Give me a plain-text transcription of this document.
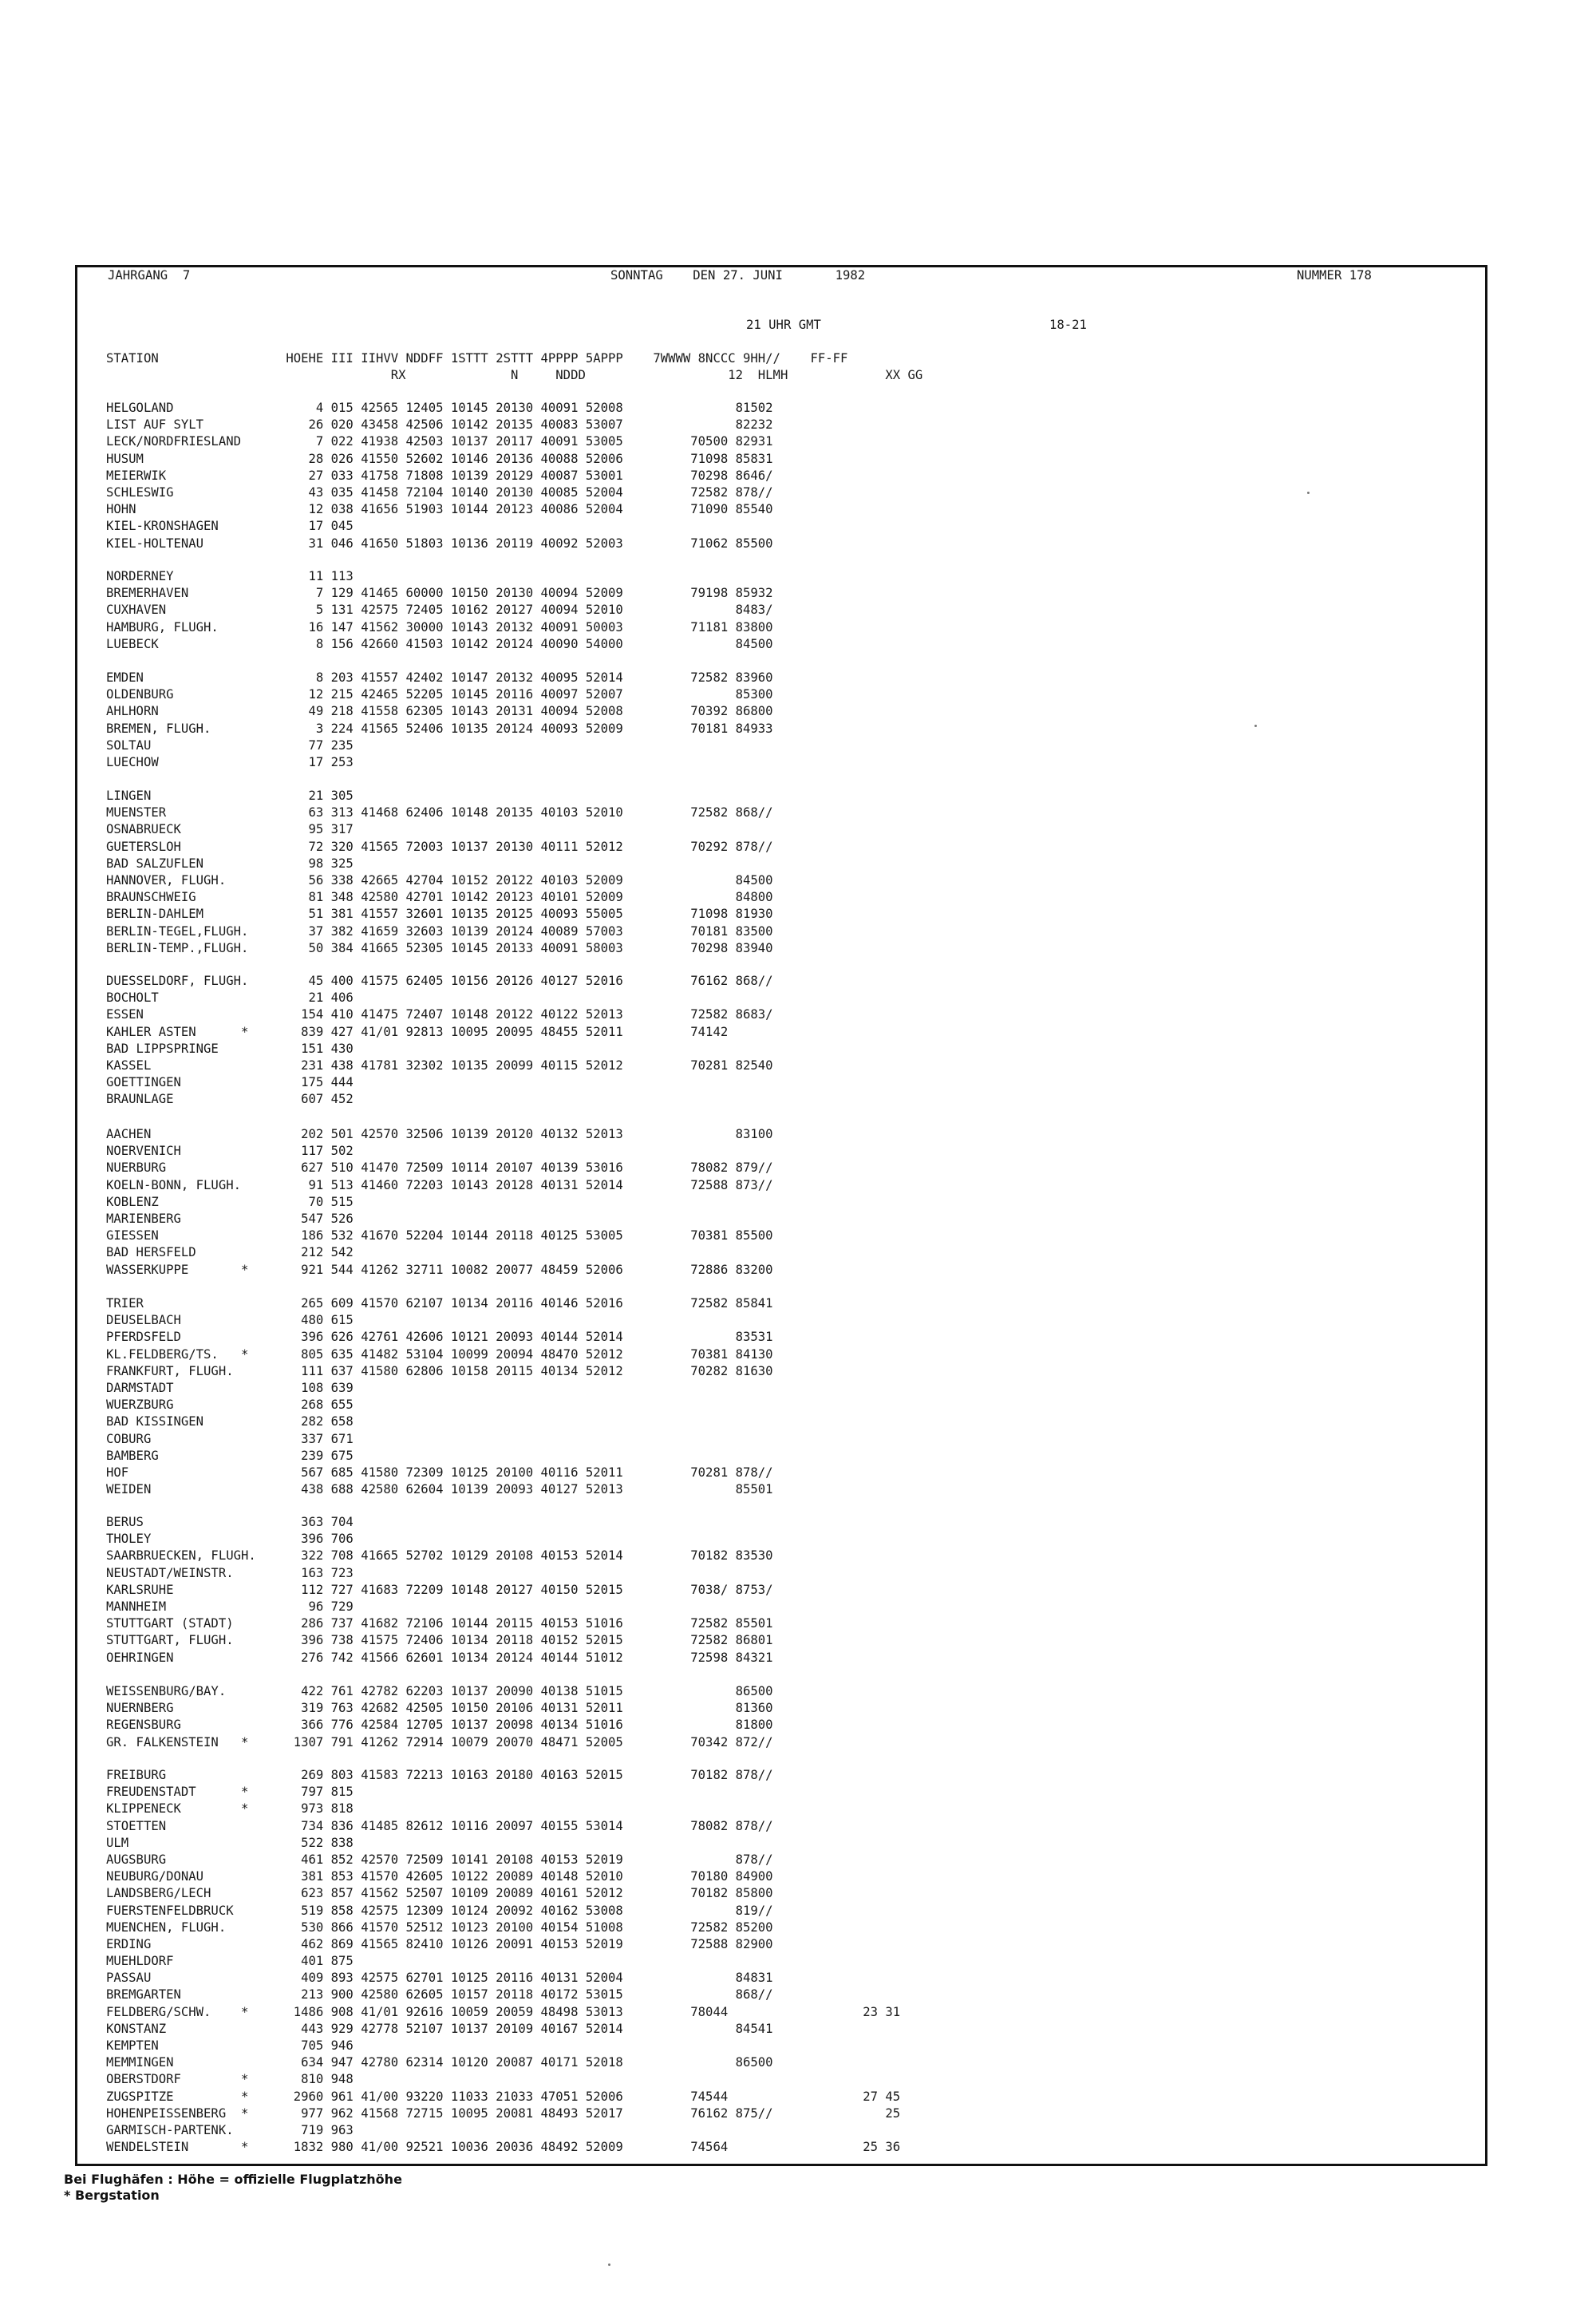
JAHRGANG  7	SONNTAG    DEN 27. JUNI       1982	NUMMER 178
21 UHR GMT	18-21
STATION                 HOEHE III IIHVV NDDFF 1STTT 2STTT 4PPPP 5APPP    7WWWW 8NCCC 9HH//    FF-FF
RX              N     NDDD                   12  HLMH             XX GG
HELGOLAND                   4 015 42565 12405 10145 20130 40091 52008               81502
LIST AUF SYLT              26 020 43458 42506 10142 20135 40083 53007               82232
LECK/NORDFRIESLAND          7 022 41938 42503 10137 20117 40091 53005         70500 82931
HUSUM                      28 026 41550 52602 10146 20136 40088 52006         71098 85831
MEIERWIK                   27 033 41758 71808 10139 20129 40087 53001         70298 8646/
SCHLESWIG                  43 035 41458 72104 10140 20130 40085 52004         72582 878//
HOHN                       12 038 41656 51903 10144 20123 40086 52004         71090 85540
KIEL-KRONSHAGEN            17 045
KIEL-HOLTENAU              31 046 41650 51803 10136 20119 40092 52003         71062 85500
NORDERNEY                  11 113
BREMERHAVEN                 7 129 41465 60000 10150 20130 40094 52009         79198 85932
CUXHAVEN                    5 131 42575 72405 10162 20127 40094 52010               8483/
HAMBURG, FLUGH.            16 147 41562 30000 10143 20132 40091 50003         71181 83800
LUEBECK                     8 156 42660 41503 10142 20124 40090 54000               84500
EMDEN                       8 203 41557 42402 10147 20132 40095 52014         72582 83960
OLDENBURG                  12 215 42465 52205 10145 20116 40097 52007               85300
AHLHORN                    49 218 41558 62305 10143 20131 40094 52008         70392 86800
BREMEN, FLUGH.              3 224 41565 52406 10135 20124 40093 52009         70181 84933
SOLTAU                     77 235
LUECHOW                    17 253
LINGEN                     21 305
MUENSTER                   63 313 41468 62406 10148 20135 40103 52010         72582 868//
OSNABRUECK                 95 317
GUETERSLOH                 72 320 41565 72003 10137 20130 40111 52012         70292 878//
BAD SALZUFLEN              98 325
HANNOVER, FLUGH.           56 338 42665 42704 10152 20122 40103 52009               84500
BRAUNSCHWEIG               81 348 42580 42701 10142 20123 40101 52009               84800
BERLIN-DAHLEM              51 381 41557 32601 10135 20125 40093 55005         71098 81930
BERLIN-TEGEL,FLUGH.        37 382 41659 32603 10139 20124 40089 57003         70181 83500
BERLIN-TEMP.,FLUGH.        50 384 41665 52305 10145 20133 40091 58003         70298 83940
DUESSELDORF, FLUGH.        45 400 41575 62405 10156 20126 40127 52016         76162 868//
BOCHOLT                    21 406
ESSEN                     154 410 41475 72407 10148 20122 40122 52013         72582 8683/
KAHLER ASTEN      *       839 427 41/01 92813 10095 20095 48455 52011         74142
BAD LIPPSPRINGE           151 430
KASSEL                    231 438 41781 32302 10135 20099 40115 52012         70281 82540
GOETTINGEN                175 444
BRAUNLAGE                 607 452
AACHEN                    202 501 42570 32506 10139 20120 40132 52013               83100
NOERVENICH                117 502
NUERBURG                  627 510 41470 72509 10114 20107 40139 53016         78082 879//
KOELN-BONN, FLUGH.         91 513 41460 72203 10143 20128 40131 52014         72588 873//
KOBLENZ                    70 515
MARIENBERG                547 526
GIESSEN                   186 532 41670 52204 10144 20118 40125 53005         70381 85500
BAD HERSFELD              212 542
WASSERKUPPE       *       921 544 41262 32711 10082 20077 48459 52006         72886 83200
TRIER                     265 609 41570 62107 10134 20116 40146 52016         72582 85841
DEUSELBACH                480 615
PFERDSFELD                396 626 42761 42606 10121 20093 40144 52014               83531
KL.FELDBERG/TS.   *       805 635 41482 53104 10099 20094 48470 52012         70381 84130
FRANKFURT, FLUGH.         111 637 41580 62806 10158 20115 40134 52012         70282 81630
DARMSTADT                 108 639
WUERZBURG                 268 655
BAD KISSINGEN             282 658
COBURG                    337 671
BAMBERG                   239 675
HOF                       567 685 41580 72309 10125 20100 40116 52011         70281 878//
WEIDEN                    438 688 42580 62604 10139 20093 40127 52013               85501
BERUS                     363 704
THOLEY                    396 706
SAARBRUECKEN, FLUGH.      322 708 41665 52702 10129 20108 40153 52014         70182 83530
NEUSTADT/WEINSTR.         163 723
KARLSRUHE                 112 727 41683 72209 10148 20127 40150 52015         7038/ 8753/
MANNHEIM                   96 729
STUTTGART (STADT)         286 737 41682 72106 10144 20115 40153 51016         72582 85501
STUTTGART, FLUGH.         396 738 41575 72406 10134 20118 40152 52015         72582 86801
OEHRINGEN                 276 742 41566 62601 10134 20124 40144 51012         72598 84321
WEISSENBURG/BAY.          422 761 42782 62203 10137 20090 40138 51015               86500
NUERNBERG                 319 763 42682 42505 10150 20106 40131 52011               81360
REGENSBURG                366 776 42584 12705 10137 20098 40134 51016               81800
GR. FALKENSTEIN   *      1307 791 41262 72914 10079 20070 48471 52005         70342 872//
FREIBURG                  269 803 41583 72213 10163 20180 40163 52015         70182 878//
FREUDENSTADT      *       797 815
KLIPPENECK        *       973 818
STOETTEN                  734 836 41485 82612 10116 20097 40155 53014         78082 878//
ULM                       522 838
AUGSBURG                  461 852 42570 72509 10141 20108 40153 52019               878//
NEUBURG/DONAU             381 853 41570 42605 10122 20089 40148 52010         70180 84900
LANDSBERG/LECH            623 857 41562 52507 10109 20089 40161 52012         70182 85800
FUERSTENFELDBRUCK         519 858 42575 12309 10124 20092 40162 53008               819//
MUENCHEN, FLUGH.          530 866 41570 52512 10123 20100 40154 51008         72582 85200
ERDING                    462 869 41565 82410 10126 20091 40153 52019         72588 82900
MUEHLDORF                 401 875
PASSAU                    409 893 42575 62701 10125 20116 40131 52004               84831
BREMGARTEN                213 900 42580 62605 10157 20118 40172 53015               868//
FELDBERG/SCHW.    *      1486 908 41/01 92616 10059 20059 48498 53013         78044                  23 31
KONSTANZ                  443 929 42778 52107 10137 20109 40167 52014               84541
KEMPTEN                   705 946
MEMMINGEN                 634 947 42780 62314 10120 20087 40171 52018               86500
OBERSTDORF        *       810 948
ZUGSPITZE         *      2960 961 41/00 93220 11033 21033 47051 52006         74544                  27 45
HOHENPEISSENBERG  *       977 962 41568 72715 10095 20081 48493 52017         76162 875//               25
GARMISCH-PARTENK.         719 963
WENDELSTEIN       *      1832 980 41/00 92521 10036 20036 48492 52009         74564                  25 36
Bei Flughäfen : Höhe = offizielle Flugplatzhöhe
* Bergstation
